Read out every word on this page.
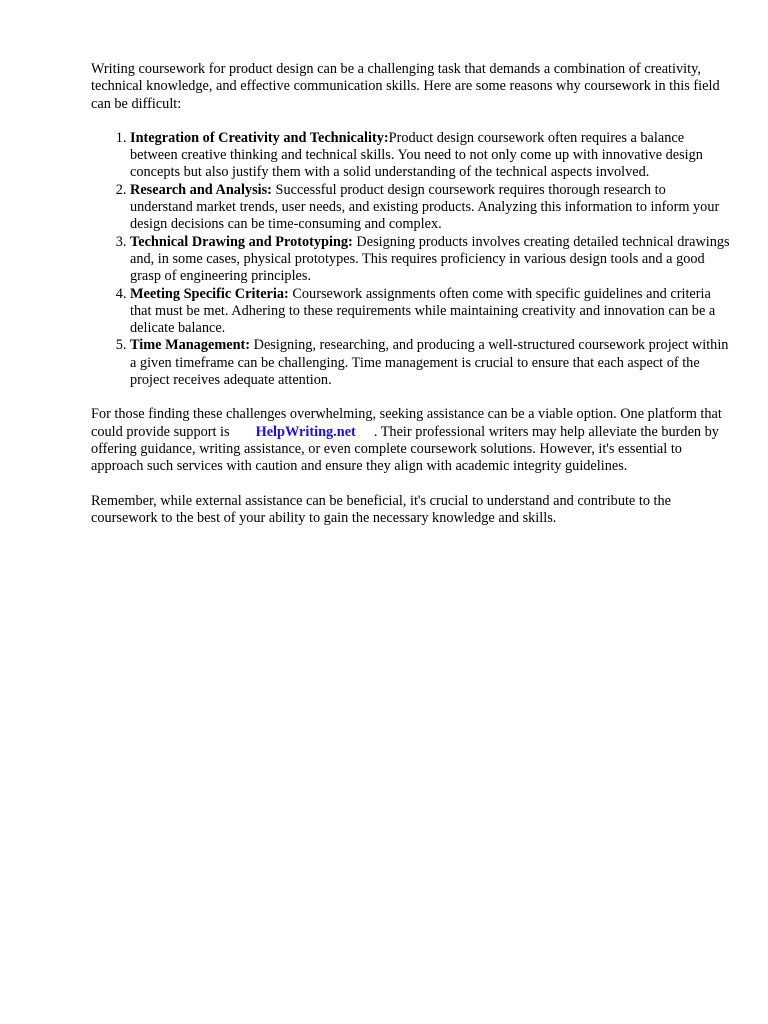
Writing coursework for product design can be a challenging task that demands a combination of creativity, technical knowledge, and effective communication skills. Here are some reasons why coursework in this field can be difficult:

1. Integration of Creativity and Technicality:Product design coursework often requires a balance between creative thinking and technical skills. You need to not only come up with innovative design concepts but also justify them with a solid understanding of the technical aspects involved.
2. Research and Analysis: Successful product design coursework requires thorough research to understand market trends, user needs, and existing products. Analyzing this information to inform your design decisions can be time-consuming and complex.
3. Technical Drawing and Prototyping: Designing products involves creating detailed technical drawings and, in some cases, physical prototypes. This requires proficiency in various design tools and a good grasp of engineering principles.
4. Meeting Specific Criteria: Coursework assignments often come with specific guidelines and criteria that must be met. Adhering to these requirements while maintaining creativity and innovation can be a delicate balance.
5. Time Management: Designing, researching, and producing a well-structured coursework project within a given timeframe can be challenging. Time management is crucial to ensure that each aspect of the project receives adequate attention.

For those finding these challenges overwhelming, seeking assistance can be a viable option. One platform that could provide support is HelpWriting.net . Their professional writers may help alleviate the burden by offering guidance, writing assistance, or even complete coursework solutions. However, it's essential to approach such services with caution and ensure they align with academic integrity guidelines.

Remember, while external assistance can be beneficial, it's crucial to understand and contribute to the coursework to the best of your ability to gain the necessary knowledge and skills.
